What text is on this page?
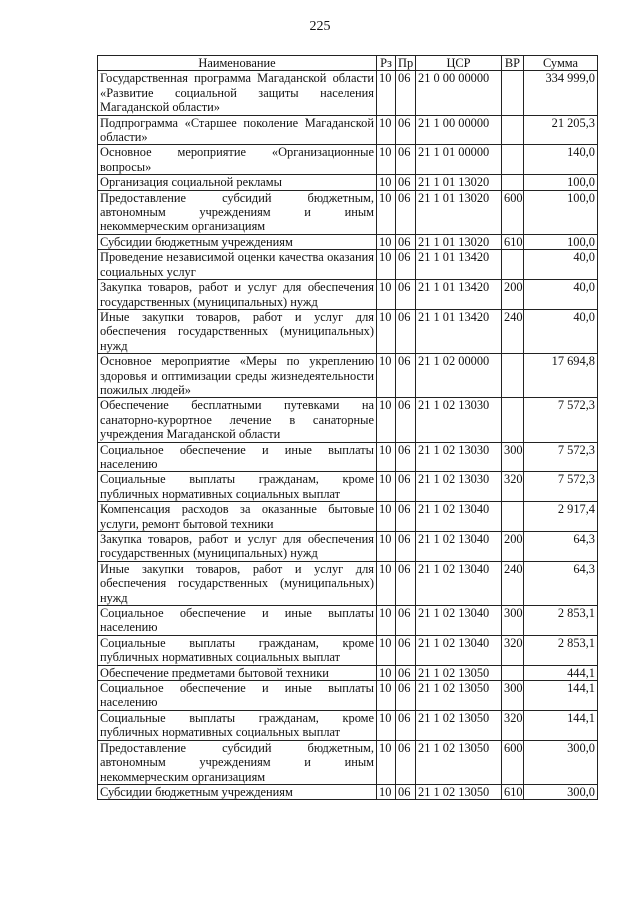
225
Наименование	Рз	Пр	ЦСР	ВР	Сумма
Государственная программа Магаданской области «Развитие социальной защиты населения Магаданской области»	10	06	21 0 00 00000		334 999,0
Подпрограмма «Старшее поколение Магаданской области»	10	06	21 1 00 00000		21 205,3
Основное мероприятие «Организационные вопросы»	10	06	21 1 01 00000		140,0
Организация социальной рекламы	10	06	21 1 01 13020		100,0
Предоставление субсидий бюджетным, автономным учреждениям и иным некоммерческим организациям	10	06	21 1 01 13020	600	100,0
Субсидии бюджетным учреждениям	10	06	21 1 01 13020	610	100,0
Проведение независимой оценки качества оказания социальных услуг	10	06	21 1 01 13420		40,0
Закупка товаров, работ и услуг для обеспечения государственных (муниципальных) нужд	10	06	21 1 01 13420	200	40,0
Иные закупки товаров, работ и услуг для обеспечения государственных (муниципальных) нужд	10	06	21 1 01 13420	240	40,0
Основное мероприятие «Меры по укреплению здоровья и оптимизации среды жизнедеятельности пожилых людей»	10	06	21 1 02 00000		17 694,8
Обеспечение бесплатными путевками на санаторно-курортное лечение в санаторные учреждения Магаданской области	10	06	21 1 02 13030		7 572,3
Социальное обеспечение и иные выплаты населению	10	06	21 1 02 13030	300	7 572,3
Социальные выплаты гражданам, кроме публичных нормативных социальных выплат	10	06	21 1 02 13030	320	7 572,3
Компенсация расходов за оказанные бытовые услуги, ремонт бытовой техники	10	06	21 1 02 13040		2 917,4
Закупка товаров, работ и услуг для обеспечения государственных (муниципальных) нужд	10	06	21 1 02 13040	200	64,3
Иные закупки товаров, работ и услуг для обеспечения государственных (муниципальных) нужд	10	06	21 1 02 13040	240	64,3
Социальное обеспечение и иные выплаты населению	10	06	21 1 02 13040	300	2 853,1
Социальные выплаты гражданам, кроме публичных нормативных социальных выплат	10	06	21 1 02 13040	320	2 853,1
Обеспечение предметами бытовой техники	10	06	21 1 02 13050		444,1
Социальное обеспечение и иные выплаты населению	10	06	21 1 02 13050	300	144,1
Социальные выплаты гражданам, кроме публичных нормативных социальных выплат	10	06	21 1 02 13050	320	144,1
Предоставление субсидий бюджетным, автономным учреждениям и иным некоммерческим организациям	10	06	21 1 02 13050	600	300,0
Субсидии бюджетным учреждениям	10	06	21 1 02 13050	610	300,0
